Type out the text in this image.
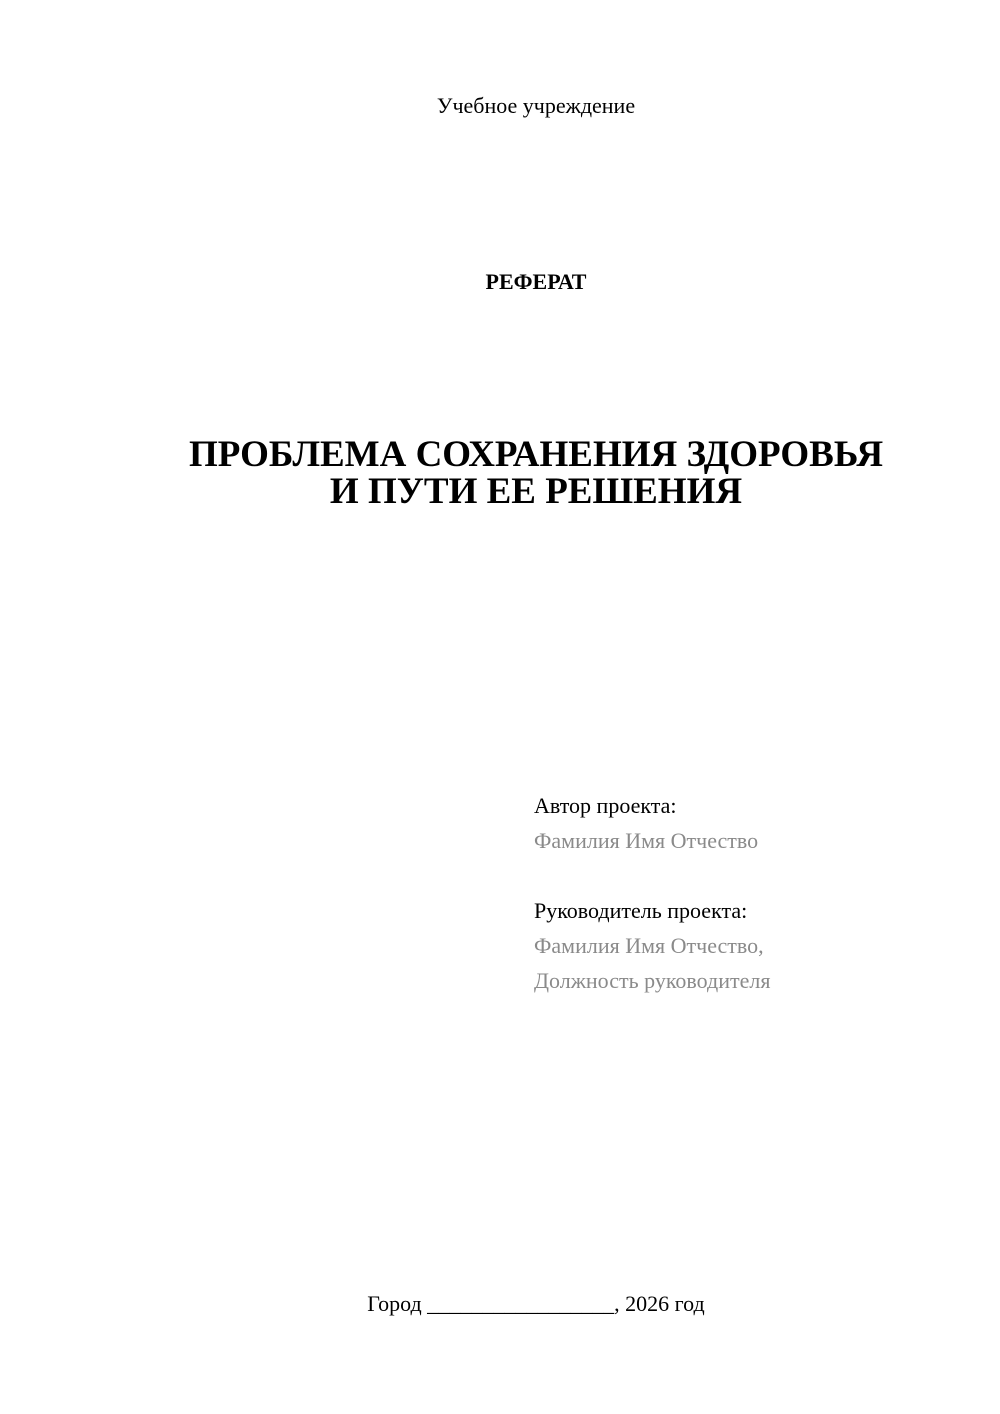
Учебное учреждение
РЕФЕРАТ
ПРОБЛЕМА СОХРАНЕНИЯ ЗДОРОВЬЯ
И ПУТИ ЕЕ РЕШЕНИЯ
Автор проекта:
Фамилия Имя Отчество
Руководитель проекта:
Фамилия Имя Отчество,
Должность руководителя
Город _________________, 2026 год
